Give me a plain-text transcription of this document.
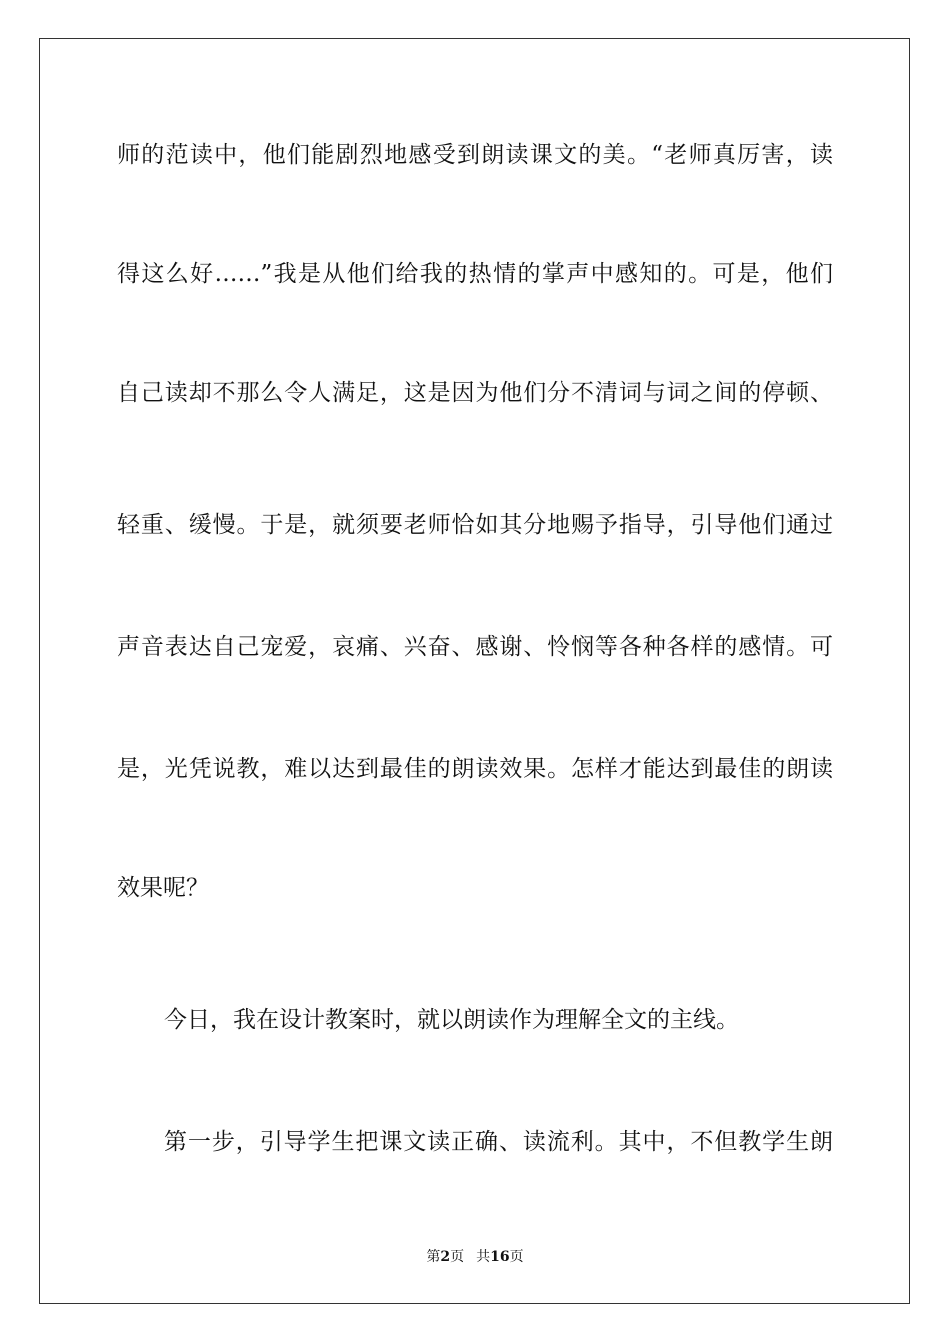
师的范读中，他们能剧烈地感受到朗读课文的美。“老师真厉害，读
得这么好……”我是从他们给我的热情的掌声中感知的。可是，他们
自己读却不那么令人满足，这是因为他们分不清词与词之间的停顿、
轻重、缓慢。于是，就须要老师恰如其分地赐予指导，引导他们通过
声音表达自己宠爱，哀痛、兴奋、感谢、怜悯等各种各样的感情。可
是，光凭说教，难以达到最佳的朗读效果。怎样才能达到最佳的朗读
效果呢？
今日，我在设计教案时，就以朗读作为理解全文的主线。
第一步，引导学生把课文读正确、读流利。其中，不但教学生朗
第2页 共16页
